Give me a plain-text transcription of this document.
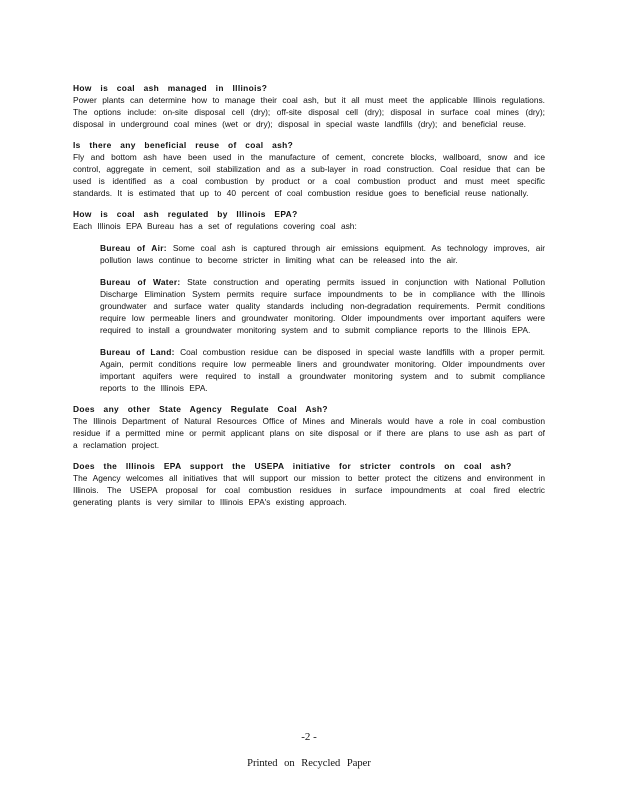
How is coal ash managed in Illinois?

Power plants can determine how to manage their coal ash, but it all must meet the applicable Illinois regulations. The options include: on-site disposal cell (dry); off-site disposal cell (dry); disposal in surface coal mines (dry); disposal in underground coal mines (wet or dry); disposal in special waste landfills (dry); and beneficial reuse.

Is there any beneficial reuse of coal ash?

Fly and bottom ash have been used in the manufacture of cement, concrete blocks, wallboard, snow and ice control, aggregate in cement, soil stabilization and as a sub-layer in road construction. Coal residue that can be used is identified as a coal combustion by product or a coal combustion product and must meet specific standards. It is estimated that up to 40 percent of coal combustion residue goes to beneficial reuse nationally.

How is coal ash regulated by Illinois EPA?

Each Illinois EPA Bureau has a set of regulations covering coal ash:

Bureau of Air: Some coal ash is captured through air emissions equipment. As technology improves, air pollution laws continue to become stricter in limiting what can be released into the air.

Bureau of Water: State construction and operating permits issued in conjunction with National Pollution Discharge Elimination System permits require surface impoundments to be in compliance with the Illinois groundwater and surface water quality standards including non-degradation requirements. Permit conditions require low permeable liners and groundwater monitoring. Older impoundments over important aquifers were required to install a groundwater monitoring system and to submit compliance reports to the Illinois EPA.

Bureau of Land: Coal combustion residue can be disposed in special waste landfills with a proper permit. Again, permit conditions require low permeable liners and groundwater monitoring. Older impoundments over important aquifers were required to install a groundwater monitoring system and to submit compliance reports to the Illinois EPA.

Does any other State Agency Regulate Coal Ash?

The Illinois Department of Natural Resources Office of Mines and Minerals would have a role in coal combustion residue if a permitted mine or permit applicant plans on site disposal or if there are plans to use ash as part of a reclamation project.

Does the Illinois EPA support the USEPA initiative for stricter controls on coal ash?

The Agency welcomes all initiatives that will support our mission to better protect the citizens and environment in Illinois. The USEPA proposal for coal combustion residues in surface impoundments at coal fired electric generating plants is very similar to Illinois EPA's existing approach.

-2 -
Printed on Recycled Paper
